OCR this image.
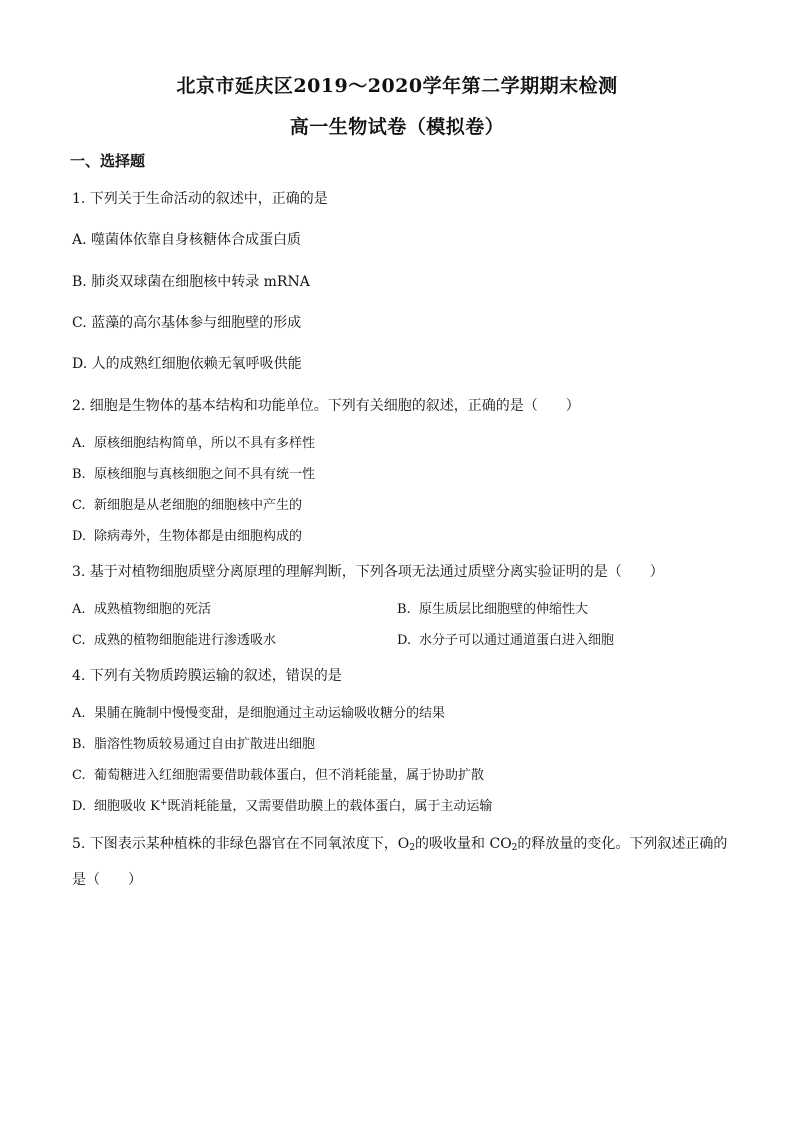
北京市延庆区2019～2020学年第二学期期末检测
高一生物试卷（模拟卷）
一、选择题
1. 下列关于生命活动的叙述中，正确的是
A. 噬菌体依靠自身核糖体合成蛋白质
B. 肺炎双球菌在细胞核中转录 mRNA
C. 蓝藻的高尔基体参与细胞壁的形成
D. 人的成熟红细胞依赖无氧呼吸供能
2. 细胞是生物体的基本结构和功能单位。下列有关细胞的叙述，正确的是（　　）
A. 原核细胞结构简单，所以不具有多样性
B. 原核细胞与真核细胞之间不具有统一性
C. 新细胞是从老细胞的细胞核中产生的
D. 除病毒外，生物体都是由细胞构成的
3. 基于对植物细胞质壁分离原理的理解判断，下列各项无法通过质壁分离实验证明的是（　　）
A. 成熟植物细胞的死活	B. 原生质层比细胞壁的伸缩性大
C. 成熟的植物细胞能进行渗透吸水	D. 水分子可以通过通道蛋白进入细胞
4. 下列有关物质跨膜运输的叙述，错误的是
A. 果脯在腌制中慢慢变甜，是细胞通过主动运输吸收糖分的结果
B. 脂溶性物质较易通过自由扩散进出细胞
C. 葡萄糖进入红细胞需要借助载体蛋白，但不消耗能量，属于协助扩散
D. 细胞吸收 K+既消耗能量，又需要借助膜上的载体蛋白，属于主动运输
5. 下图表示某种植株的非绿色器官在不同氧浓度下，$O_2$的吸收量和 $CO_2$的释放量的变化。下列叙述正确的
是（　　）
